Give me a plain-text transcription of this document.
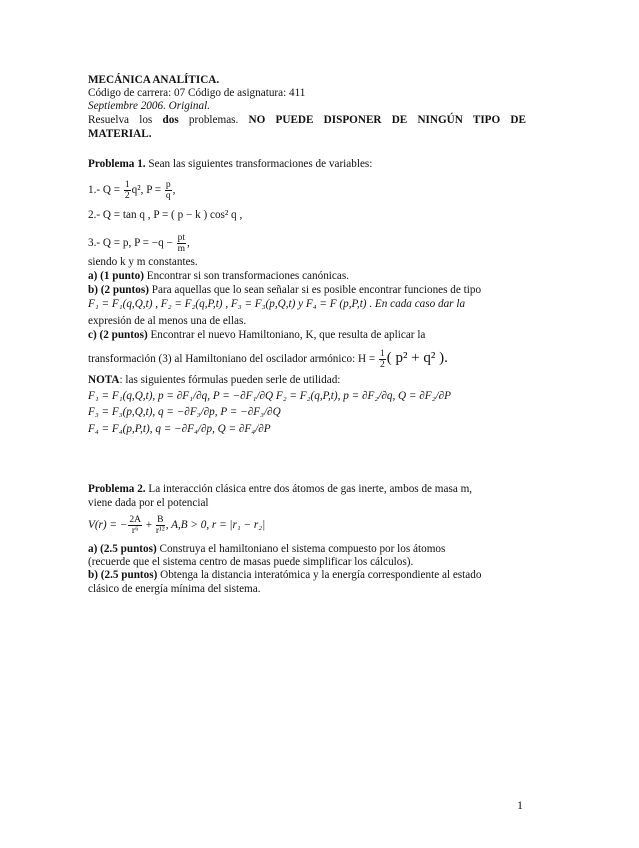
MECÁNICA ANALÍTICA.
Código de carrera: 07 Código de asignatura: 411
Septiembre 2006. Original.
Resuelva los dos problemas. NO PUEDE DISPONER DE NINGÚN TIPO DE
MATERIAL.
Problema 1. Sean las siguientes transformaciones de variables:
1.- $Q = \frac{1}{2} q^2$, $P = \frac{p}{q}$ ,
2.- Q = tan q , P = ( p − k ) cos² q ,
3.- Q = p, $P = -q - \frac{pt}{m}$ ,
siendo k y m constantes.
a) (1 punto) Encontrar si son transformaciones canónicas.
b) (2 puntos) Para aquellas que lo sean señalar si es posible encontrar funciones de tipo
F₁ = F₁(q,Q,t) , F₂ = F₂(q,P,t) , F₃ = F₃(p,Q,t) y F₄ = F (p,P,t) . En cada caso dar la
expresión de al menos una de ellas.
c) (2 puntos) Encontrar el nuevo Hamiltoniano, K, que resulta de aplicar la
transformación (3) al Hamiltoniano del oscilador armónico: $H = \frac{1}{2}$ ( p² + q² ).
NOTA: las siguientes fórmulas pueden serle de utilidad:
F₁ = F₁(q,Q,t), p = ∂F₁/∂q, P = −∂F₁/∂Q F₂ = F₂(q,P,t), p = ∂F₂/∂q, Q = ∂F₂/∂P
F₃ = F₃(p,Q,t), q = −∂F₃/∂p, P = −∂F₃/∂Q
F₄ = F₄(p,P,t), q = −∂F₄/∂p, Q = ∂F₄/∂P
Problema 2. La interacción clásica entre dos átomos de gas inerte, ambos de masa m,
viene dada por el potencial
V(r) = − $\frac{2A}{\text{r⁶}} + \frac{B}{\text{r¹²}}$ , A,B > 0, r = |r₁ − r₂|
a) (2.5 puntos) Construya el hamiltoniano el sistema compuesto por los átomos
(recuerde que el sistema centro de masas puede simplificar los cálculos).
b) (2.5 puntos) Obtenga la distancia interatómica y la energía correspondiente al estado
clásico de energía mínima del sistema.
1
